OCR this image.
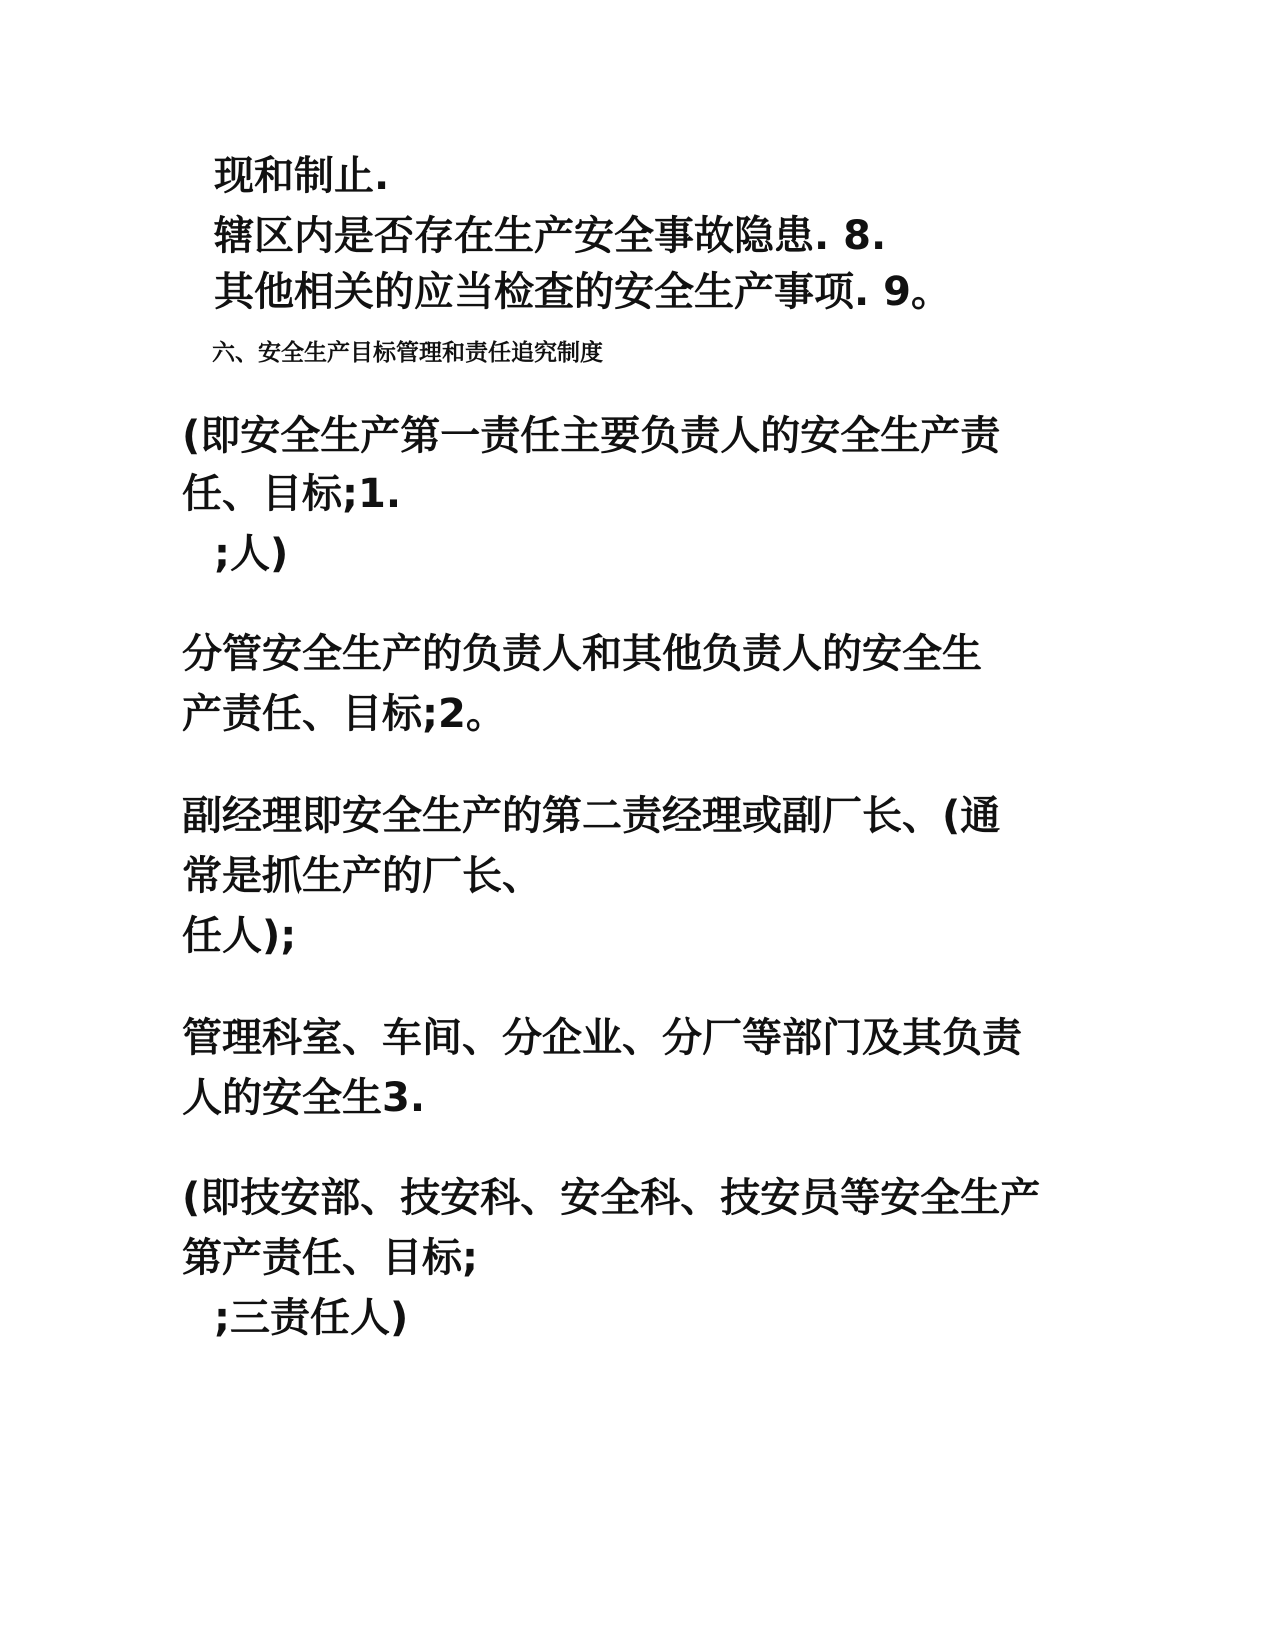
现和制止.
辖区内是否存在生产安全事故隐患. 8.
其他相关的应当检查的安全生产事项. 9。
六、安全生产目标管理和责任追究制度
(即安全生产第一责任主要负责人的安全生产责
任、目标;1.
;人)
分管安全生产的负责人和其他负责人的安全生
产责任、目标;2。
副经理即安全生产的第二责经理或副厂长、(通
常是抓生产的厂长、
任人);
管理科室、车间、分企业、分厂等部门及其负责
人的安全生3.
(即技安部、技安科、安全科、技安员等安全生产
第产责任、目标;
;三责任人)
